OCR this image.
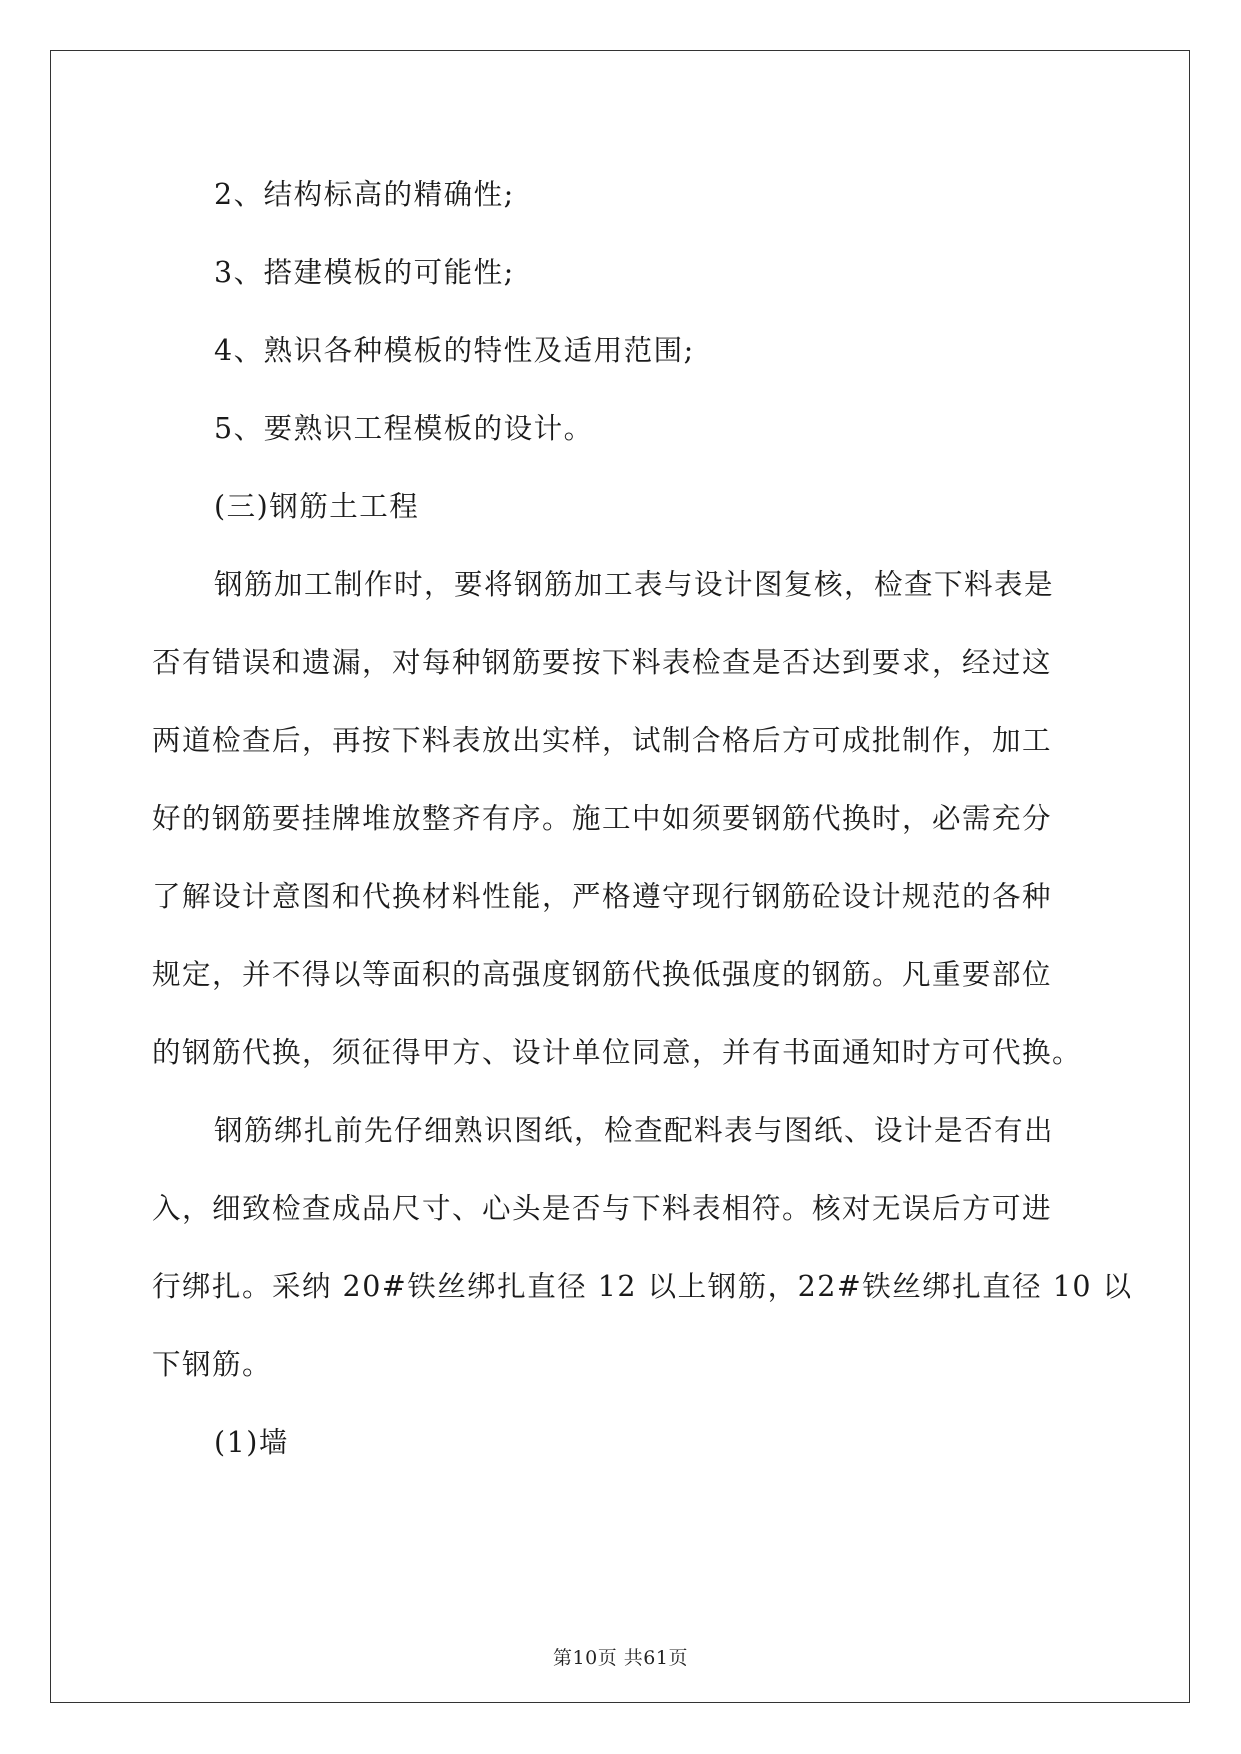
2、结构标高的精确性;

3、搭建模板的可能性;

4、熟识各种模板的特性及适用范围;

5、要熟识工程模板的设计。

(三)钢筋土工程

钢筋加工制作时，要将钢筋加工表与设计图复核，检查下料表是

否有错误和遗漏，对每种钢筋要按下料表检查是否达到要求，经过这

两道检查后，再按下料表放出实样，试制合格后方可成批制作，加工

好的钢筋要挂牌堆放整齐有序。施工中如须要钢筋代换时，必需充分

了解设计意图和代换材料性能，严格遵守现行钢筋砼设计规范的各种

规定，并不得以等面积的高强度钢筋代换低强度的钢筋。凡重要部位

的钢筋代换，须征得甲方、设计单位同意，并有书面通知时方可代换。

钢筋绑扎前先仔细熟识图纸，检查配料表与图纸、设计是否有出

入，细致检查成品尺寸、心头是否与下料表相符。核对无误后方可进

行绑扎。采纳 20#铁丝绑扎直径 12 以上钢筋，22#铁丝绑扎直径 10 以

下钢筋。

(1)墙

第10页 共61页
